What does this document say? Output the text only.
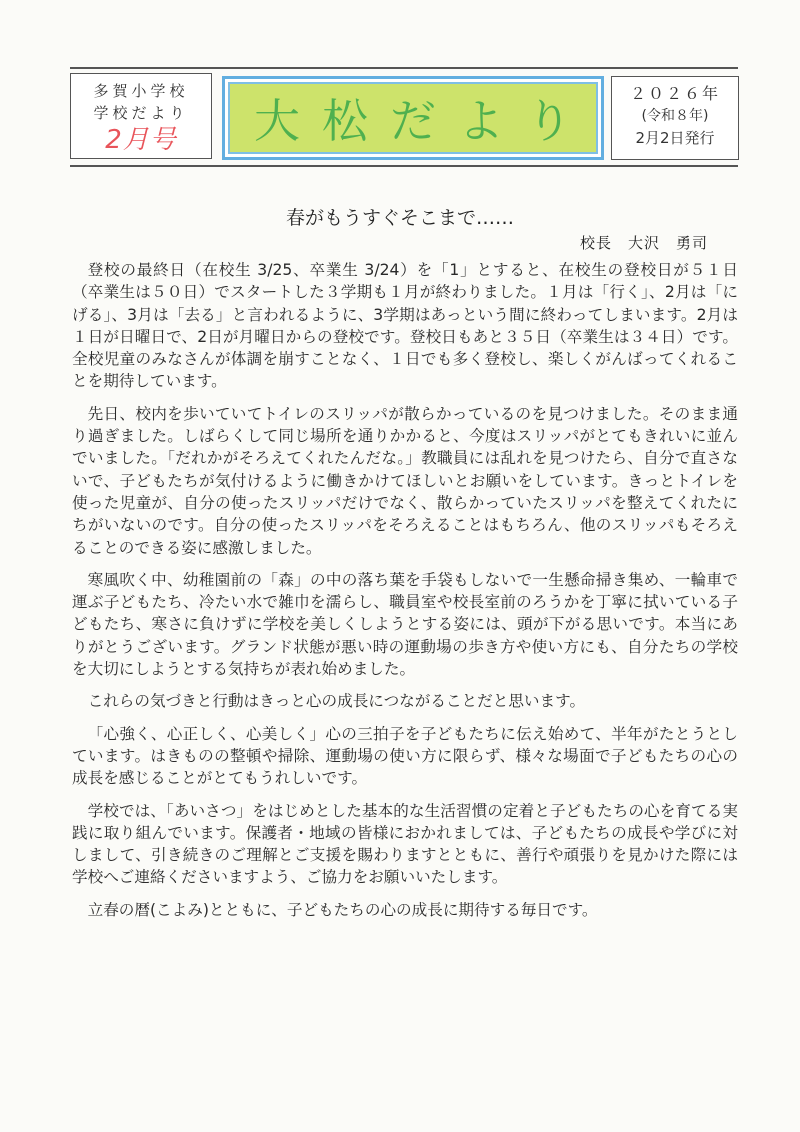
多賀小学校
学校だより
2月号	大松だより
２０２６年
(令和８年)
2月2日発行
春がもうすぐそこまで……
校長　大沢　勇司

登校の最終日（在校生 3/25、卒業生 3/24）を「1」とすると、在校生の登校日が５１日（卒業生は５０日）でスタートした３学期も１月が終わりました。１月は「行く」、2月は「にげる」、3月は「去る」と言われるように、3学期はあっという間に終わってしまいます。2月は１日が日曜日で、2日が月曜日からの登校です。登校日もあと３５日（卒業生は３４日）です。全校児童のみなさんが体調を崩すことなく、１日でも多く登校し、楽しくがんばってくれることを期待しています。

先日、校内を歩いていてトイレのスリッパが散らかっているのを見つけました。そのまま通り過ぎました。しばらくして同じ場所を通りかかると、今度はスリッパがとてもきれいに並んでいました。「だれかがそろえてくれたんだな。」教職員には乱れを見つけたら、自分で直さないで、子どもたちが気付けるように働きかけてほしいとお願いをしています。きっとトイレを使った児童が、自分の使ったスリッパだけでなく、散らかっていたスリッパを整えてくれたにちがいないのです。自分の使ったスリッパをそろえることはもちろん、他のスリッパもそろえることのできる姿に感激しました。

寒風吹く中、幼稚園前の「森」の中の落ち葉を手袋もしないで一生懸命掃き集め、一輪車で運ぶ子どもたち、冷たい水で雑巾を濡らし、職員室や校長室前のろうかを丁寧に拭いている子どもたち、寒さに負けずに学校を美しくしようとする姿には、頭が下がる思いです。本当にありがとうございます。グランド状態が悪い時の運動場の歩き方や使い方にも、自分たちの学校を大切にしようとする気持ちが表れ始めました。

これらの気づきと行動はきっと心の成長につながることだと思います。

「心強く、心正しく、心美しく」心の三拍子を子どもたちに伝え始めて、半年がたとうとしています。はきものの整頓や掃除、運動場の使い方に限らず、様々な場面で子どもたちの心の成長を感じることがとてもうれしいです。

学校では、「あいさつ」をはじめとした基本的な生活習慣の定着と子どもたちの心を育てる実践に取り組んでいます。保護者・地域の皆様におかれましては、子どもたちの成長や学びに対しまして、引き続きのご理解とご支援を賜わりますとともに、善行や頑張りを見かけた際には学校へご連絡くださいますよう、ご協力をお願いいたします。

立春の暦(こよみ)とともに、子どもたちの心の成長に期待する毎日です。
